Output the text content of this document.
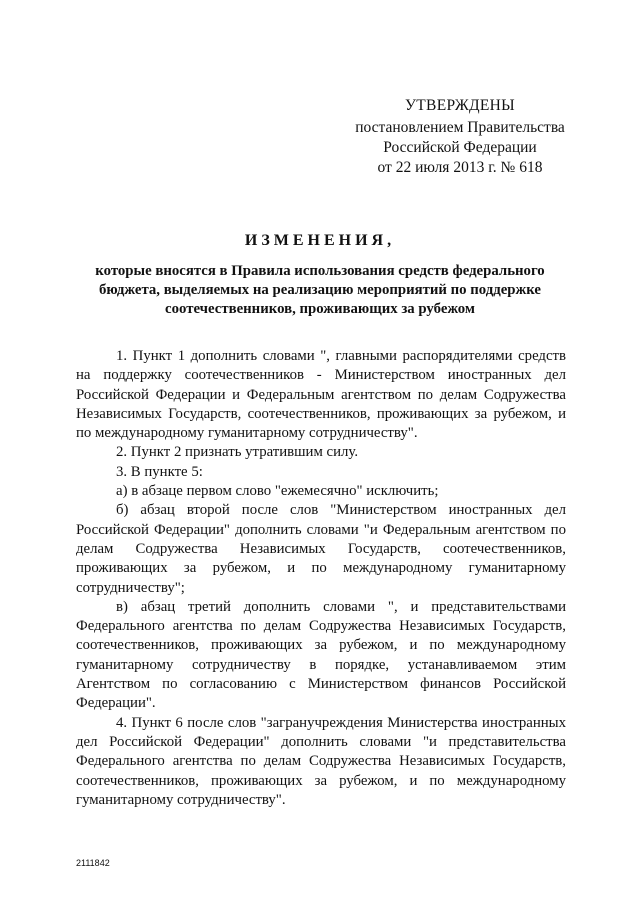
УТВЕРЖДЕНЫ
постановлением Правительства
Российской Федерации
от 22 июля 2013 г. № 618
ИЗМЕНЕНИЯ,
которые вносятся в Правила использования средств федерального бюджета, выделяемых на реализацию мероприятий по поддержке соотечественников, проживающих за рубежом

1. Пункт 1 дополнить словами ", главными распорядителями средств на поддержку соотечественников - Министерством иностранных дел Российской Федерации и Федеральным агентством по делам Содружества Независимых Государств, соотечественников, проживающих за рубежом, и по международному гуманитарному сотрудничеству".

2. Пункт 2 признать утратившим силу.

3. В пункте 5:

а) в абзаце первом слово "ежемесячно" исключить;

б) абзац второй после слов "Министерством иностранных дел Российской Федерации" дополнить словами "и Федеральным агентством по делам Содружества Независимых Государств, соотечественников, проживающих за рубежом, и по международному гуманитарному сотрудничеству";

в) абзац третий дополнить словами ", и представительствами Федерального агентства по делам Содружества Независимых Государств, соотечественников, проживающих за рубежом, и по международному гуманитарному сотрудничеству в порядке, устанавливаемом этим Агентством по согласованию с Министерством финансов Российской Федерации".

4. Пункт 6 после слов "загранучреждения Министерства иностранных дел Российской Федерации" дополнить словами "и представительства Федерального агентства по делам Содружества Независимых Государств, соотечественников, проживающих за рубежом, и по международному гуманитарному сотрудничеству".

2111842
